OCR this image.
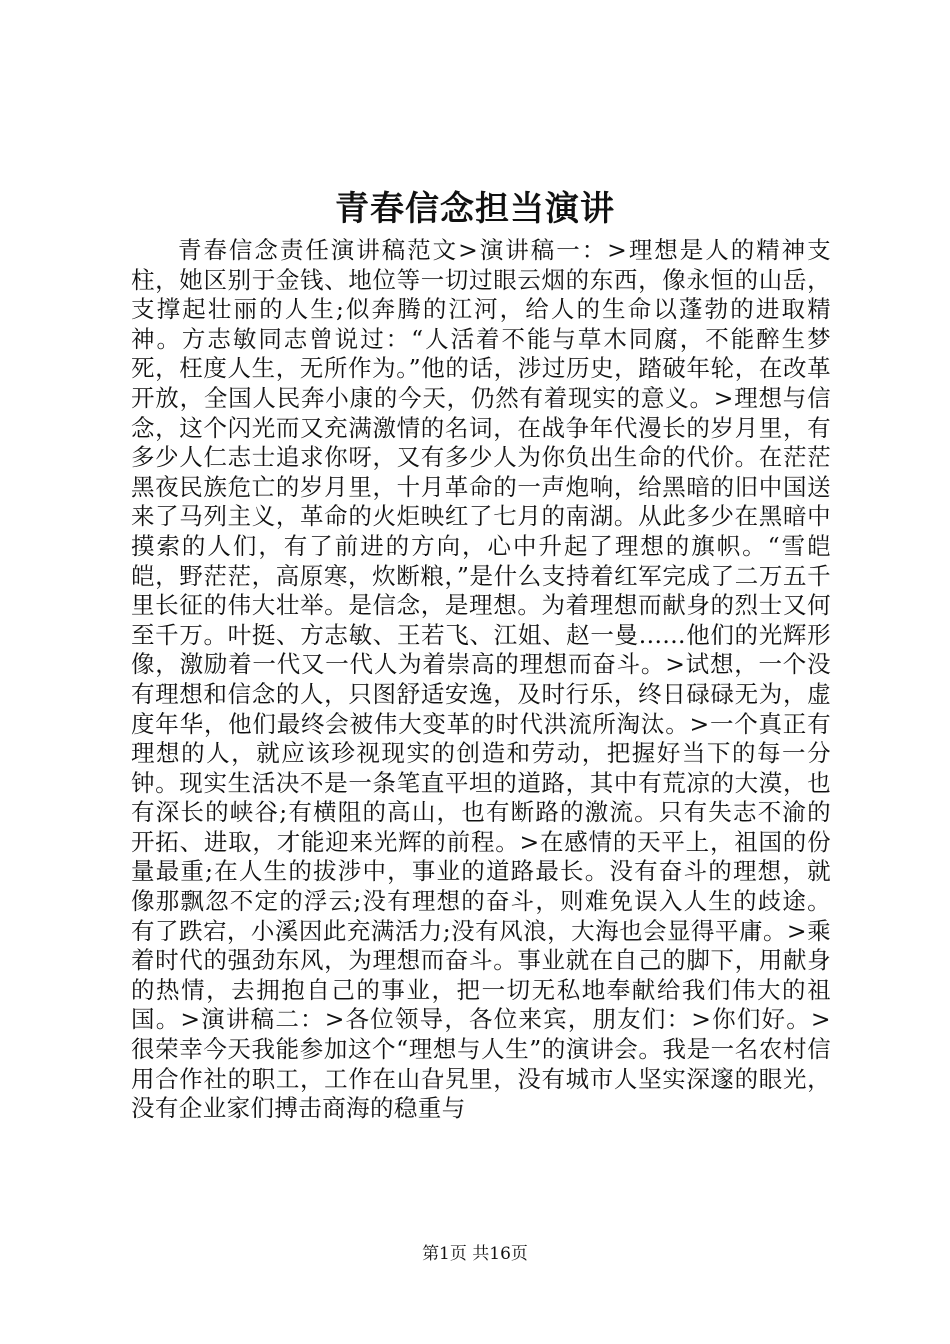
青春信念担当演讲

青春信念责任演讲稿范文>演讲稿一：>理想是人的精神支柱，她区别于金钱、地位等一切过眼云烟的东西，像永恒的山岳，支撑起壮丽的人生;似奔腾的江河，给人的生命以蓬勃的进取精神。方志敏同志曾说过：“人活着不能与草木同腐，不能醉生梦死，枉度人生，无所作为。”他的话，涉过历史，踏破年轮，在改革开放，全国人民奔小康的今天，仍然有着现实的意义。>理想与信念，这个闪光而又充满激情的名词，在战争年代漫长的岁月里，有多少人仁志士追求你呀，又有多少人为你负出生命的代价。在茫茫黑夜民族危亡的岁月里，十月革命的一声炮响，给黑暗的旧中国送来了马列主义，革命的火炬映红了七月的南湖。从此多少在黑暗中摸索的人们，有了前进的方向，心中升起了理想的旗帜。“雪皑皑，野茫茫，高原寒，炊断粮，”是什么支持着红军完成了二万五千里长征的伟大壮举。是信念，是理想。为着理想而献身的烈士又何至千万。叶挺、方志敏、王若飞、江姐、赵一曼......他们的光辉形像，激励着一代又一代人为着崇高的理想而奋斗。>试想，一个没有理想和信念的人，只图舒适安逸，及时行乐，终日碌碌无为，虚度年华，他们最终会被伟大变革的时代洪流所淘汰。>一个真正有理想的人，就应该珍视现实的创造和劳动，把握好当下的每一分钟。现实生活决不是一条笔直平坦的道路，其中有荒凉的大漠，也有深长的峡谷;有横阻的高山，也有断路的激流。只有失志不渝的开拓、进取，才能迎来光辉的前程。>在感情的天平上，祖国的份量最重;在人生的拔涉中，事业的道路最长。没有奋斗的理想，就像那飘忽不定的浮云;没有理想的奋斗，则难免误入人生的歧途。有了跌宕，小溪因此充满活力;没有风浪，大海也会显得平庸。>乘着时代的强劲东风，为理想而奋斗。事业就在自己的脚下，用献身的热情，去拥抱自己的事业，把一切无私地奉献给我们伟大的祖国。>演讲稿二：>各位领导，各位来宾，朋友们：>你们好。>很荣幸今天我能参加这个“理想与人生”的演讲会。我是一名农村信用合作社的职工，工作在山旮旯里，没有城市人坚实深邃的眼光，没有企业家们搏击商海的稳重与

第1页 共16页
